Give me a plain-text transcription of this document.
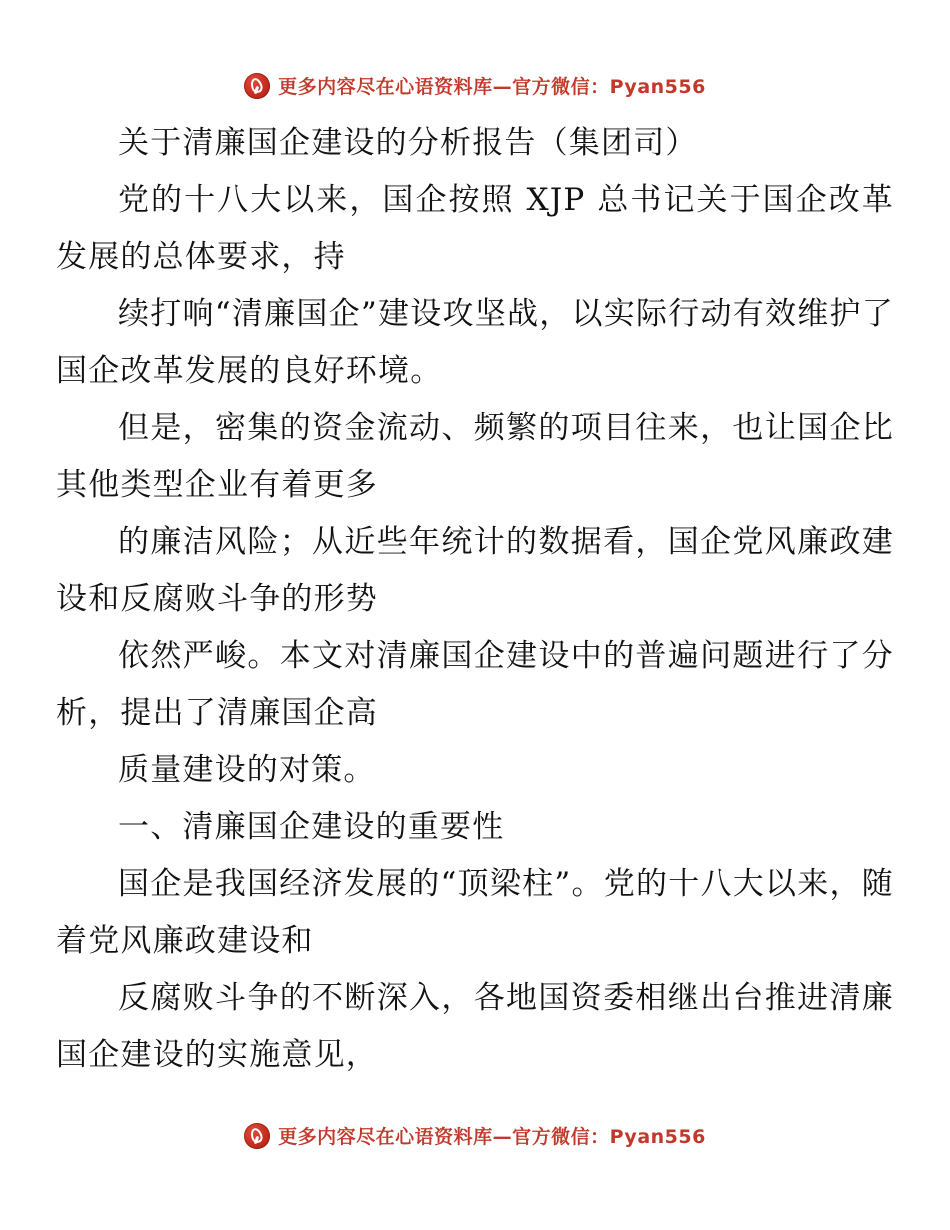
更多内容尽在心语资料库—官方微信：Pyan556

关于清廉国企建设的分析报告（集团司）

党的十八大以来，国企按照 XJP 总书记关于国企改革发展的总体要求，持

续打响“清廉国企”建设攻坚战，以实际行动有效维护了国企改革发展的良好环境。

但是，密集的资金流动、频繁的项目往来，也让国企比其他类型企业有着更多

的廉洁风险；从近些年统计的数据看，国企党风廉政建设和反腐败斗争的形势

依然严峻。本文对清廉国企建设中的普遍问题进行了分析，提出了清廉国企高

质量建设的对策。

一、清廉国企建设的重要性

国企是我国经济发展的“顶梁柱”。党的十八大以来，随着党风廉政建设和

反腐败斗争的不断深入，各地国资委相继出台推进清廉国企建设的实施意见，

更多内容尽在心语资料库—官方微信：Pyan556
